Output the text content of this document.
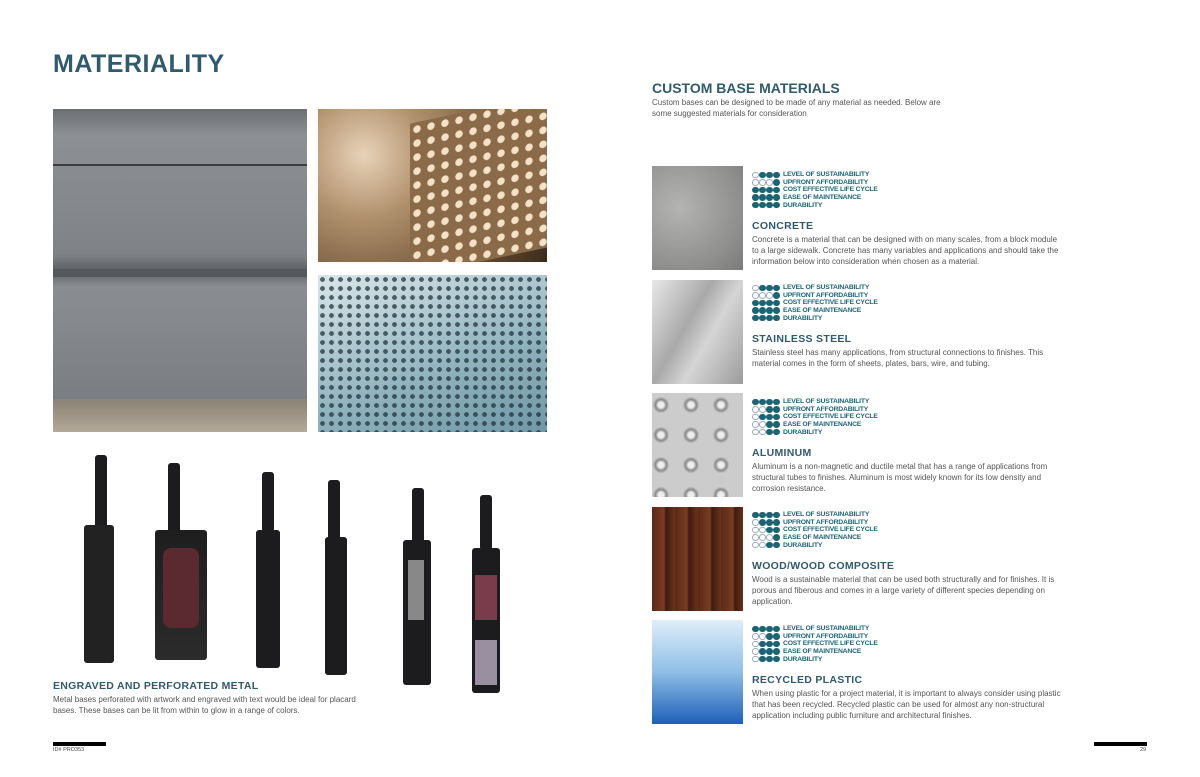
MATERIALITY
ENGRAVED AND PERFORATED METAL
Metal bases perforated with artwork and engraved with text would be ideal for placard bases. These bases can be lit from within to glow in a range of colors.
ID# PRO353
CUSTOM BASE MATERIALS
Custom bases can be designed to be made of any material as needed. Below are some suggested materials for consideration
LEVEL OF SUSTAINABILITY
UPFRONT AFFORDABILITY
COST EFFECTIVE LIFE CYCLE
EASE OF MAINTENANCE
DURABILITY
CONCRETE
Concrete is a material that can be designed with on many scales, from a block module to a large sidewalk. Concrete has many variables and applications and should take the information below into consideration when chosen as a material.
LEVEL OF SUSTAINABILITY
UPFRONT AFFORDABILITY
COST EFFECTIVE LIFE CYCLE
EASE OF MAINTENANCE
DURABILITY
STAINLESS STEEL
Stainless steel has many applications, from structural connections to finishes. This material comes in the form of sheets, plates, bars, wire, and tubing.
LEVEL OF SUSTAINABILITY
UPFRONT AFFORDABILITY
COST EFFECTIVE LIFE CYCLE
EASE OF MAINTENANCE
DURABILITY
ALUMINUM
Aluminum is a non-magnetic and ductile metal that has a range of applications from structural tubes to finishes. Aluminum is most widely known for its low density and corrosion resistance.
LEVEL OF SUSTAINABILITY
UPFRONT AFFORDABILITY
COST EFFECTIVE LIFE CYCLE
EASE OF MAINTENANCE
DURABILITY
WOOD/WOOD COMPOSITE
Wood is a sustainable material that can be used both structurally and for finishes. It is porous and fiberous and comes in a large variety of different species depending on application.
LEVEL OF SUSTAINABILITY
UPFRONT AFFORDABILITY
COST EFFECTIVE LIFE CYCLE
EASE OF MAINTENANCE
DURABILITY
RECYCLED PLASTIC
When using plastic for a project material, it is important to always consider using plastic that has been recycled. Recycled plastic can be used for almost any non-structural application including public furniture and architectural finishes.
29
